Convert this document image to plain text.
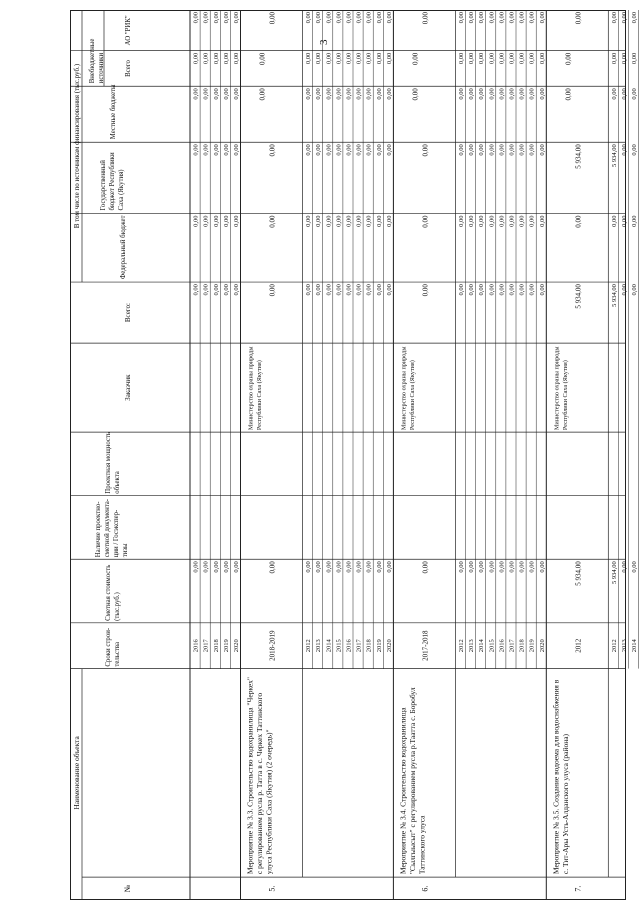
3
Наименование объекта
№
Сроки строи- тельства
Сметная стоимость (тыс.руб.)
Наличие проектно- сметной документа- ции / Госэкспер- тизы
Проектная мощность объекта
Заказчик
Всего:
В том числе по источникам финансирования (тыс.руб.)
Федеральный бюджет
Государственный бюджет Республики Саха (Якутия)
Местные бюджеты
Внебюджетные источники	Всего
АО "РИК"
2016
0,00
0,00
0,00
0,00
0,00
0,00
0,00
2017
0,00
0,00
0,00
0,00
0,00
0,00
0,00
2018
0,00
0,00
0,00
0,00
0,00
0,00
0,00
2019
0,00
0,00
0,00
0,00
0,00
0,00
0,00
2020
0,00
0,00
0,00
0,00
0,00
0,00
0,00
Мероприятие № 3.3. Строительство водохранилища "Черкех"с регулированием русла р. Татта в с. Черкех Таттинскогоулуса Республики Саха (Якутия) (2 очередь)"
5.
2018-2019
0,00
Министерство охраны природы Республики Саха (Якутия)
0,00
0,00
0,00
0,00
0,00
0,00
2012
0,00
0,00
0,00
0,00
0,00
0,00
0,00
2013
0,00
0,00
0,00
0,00
0,00
0,00
0,00
2014
0,00
0,00
0,00
0,00
0,00
0,00
0,00
2015
0,00
0,00
0,00
0,00
0,00
0,00
0,00
2016
0,00
0,00
0,00
0,00
0,00
0,00
0,00
2017
0,00
0,00
0,00
0,00
0,00
0,00
0,00
2018
0,00
0,00
0,00
0,00
0,00
0,00
0,00
2019
0,00
0,00
0,00
0,00
0,00
0,00
0,00
2020
0,00
0,00
0,00
0,00
0,00
0,00
0,00
Мероприятие № 3.4. Строительство водохранилища"Сылгыысыт" с регулированием русла р.Таатта с. БоробулТаттинского улуса
6.
2017-2018
0,00
Министерство охраны природы Республики Саха (Якутия)
0,00
0,00
0,00
0,00
0,00
0,00
2012
0,00
0,00
0,00
0,00
0,00
0,00
0,00
2013
0,00
0,00
0,00
0,00
0,00
0,00
0,00
2014
0,00
0,00
0,00
0,00
0,00
0,00
0,00
2015
0,00
0,00
0,00
0,00
0,00
0,00
0,00
2016
0,00
0,00
0,00
0,00
0,00
0,00
0,00
2017
0,00
0,00
0,00
0,00
0,00
0,00
0,00
2018
0,00
0,00
0,00
0,00
0,00
0,00
0,00
2019
0,00
0,00
0,00
0,00
0,00
0,00
0,00
2020
0,00
0,00
0,00
0,00
0,00
0,00
0,00
Мероприятие № 3.5. Создание водоема для водоснабжения вс. Тит-Ары Усть-Алданского улуса (районa)
7.
2012
5 934,00
Министерство охраны природы Республики Саха (Якутия)
5 934,00
0,00
5 934,00
0,00
0,00
0,00
2012
5 934,00
5 934,00
0,00
5 934,00
0,00
0,00
0,00
2013
0,00
0,00
0,00
0,00
0,00
0,00
0,00
2014
0,00
0,00
0,00
0,00
0,00
0,00
0,00
